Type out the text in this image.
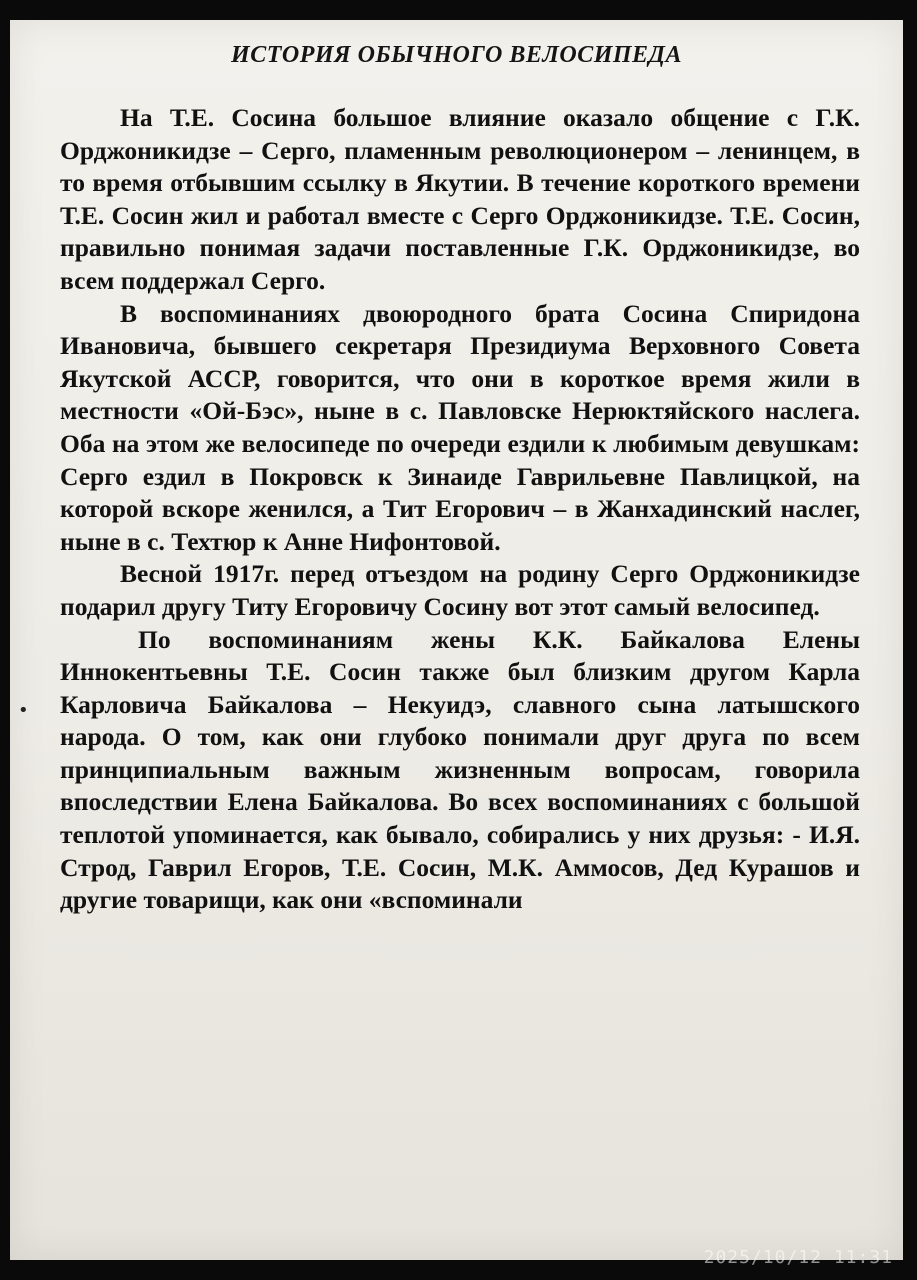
ИСТОРИЯ ОБЫЧНОГО ВЕЛОСИПЕДА

На Т.Е. Сосина большое влияние оказало общение с Г.К. Орджоникидзе – Серго, пламенным революционером – ленинцем, в то время отбывшим ссылку в Якутии. В течение короткого времени Т.Е. Сосин жил и работал вместе с Серго Орджоникидзе. Т.Е. Сосин, правильно понимая задачи поставленные Г.К. Орджоникидзе, во всем поддержал Серго.

В воспоминаниях двоюродного брата Сосина Спиридона Ивановича, бывшего секретаря Президиума Верховного Совета Якутской АССР, говорится, что они в короткое время жили в местности «Ой-Бэс», ныне в с. Павловске Нерюктяйского наслега. Оба на этом же велосипеде по очереди ездили к любимым девушкам: Серго ездил в Покровск к Зинаиде Гаврильевне Павлицкой, на которой вскоре женился, а Тит Егорович – в Жанхадинский наслег, ныне в с. Техтюр к Анне Нифонтовой.

Весной 1917г. перед отъездом на родину Серго Орджоникидзе подарил другу Титу Егоровичу Сосину вот этот самый велосипед.

По воспоминаниям жены К.К. Байкалова Елены Иннокентьевны Т.Е. Сосин также был близким другом Карла Карловича Байкалова – Некуидэ, славного сына латышского народа. О том, как они глубоко понимали друг друга по всем принципиальным важным жизненным вопросам, говорила впоследствии Елена Байкалова. Во всех воспоминаниях с большой теплотой упоминается, как бывало, собирались у них друзья: - И.Я. Строд, Гаврил Егоров, Т.Е. Сосин, М.К. Аммосов, Дед Курашов и другие товарищи, как они «вспоминали

•
2025/10/12 11:31
